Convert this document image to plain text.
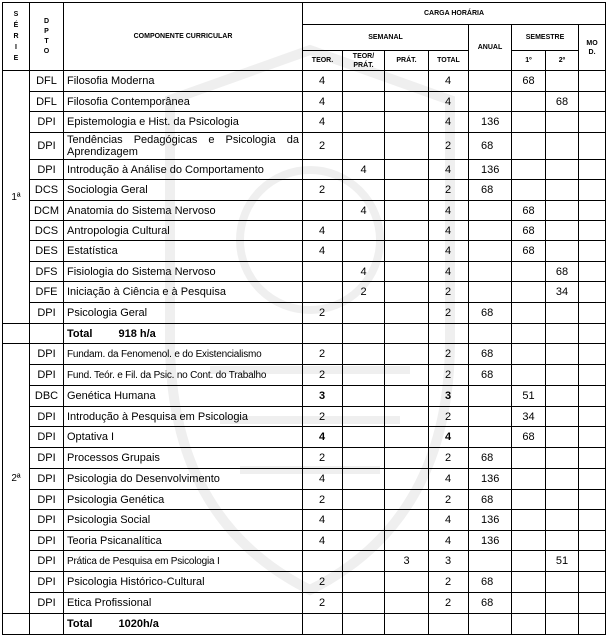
S É R I E	D P T O	COMPONENTE CURRICULAR	CARGA HORÁRIA							
			SEMANAL				ANUAL	SEMESTRE		MO D.

			TEOR.	TEOR/ PRÁT.	PRÁT.	TOTAL		1º	2º	
1ª	DFL	Filosofia Moderna	4			4		68		
	DFL	Filosofia Contemporânea	4			4			68	
	DPI	Epistemologia e Hist. da Psicologia	4			4	136			
	DPI	Tendências Pedagógicas e Psicologia da Aprendizagem	2			2	68			
	DPI	Introdução à Análise do Comportamento		4		4	136			
	DCS	Sociologia Geral	2			2	68			
	DCM	Anatomia do Sistema Nervoso		4		4		68		
	DCS	Antropologia Cultural	4			4		68		
	DES	Estatística	4			4		68		
	DFS	Fisiologia do Sistema Nervoso		4		4			68	
	DFE	Iniciação à Ciência e à Pesquisa		2		2			34	
	DPI	Psicologia Geral	2			2	68			
		Total 918 h/a								
2ª	DPI	Fundam. da Fenomenol. e do Existencialismo	2			2	68			
	DPI	Fund. Teór. e Fil. da Psic. no Cont. do Trabalho	2			2	68			
	DBC	Genética Humana	3			3		51		
	DPI	Introdução à Pesquisa em Psicologia	2			2		34		
	DPI	Optativa I	4			4		68		
	DPI	Processos Grupais	2			2	68			
	DPI	Psicologia do Desenvolvimento	4			4	136			
	DPI	Psicologia Genética	2			2	68			
	DPI	Psicologia Social	4			4	136			
	DPI	Teoria Psicanalítica	4			4	136			
	DPI	Prática de Pesquisa em Psicologia I			3	3			51	
	DPI	Psicologia Histórico-Cultural	2			2	68			
	DPI	Etica Profissional	2			2	68			
		Total 1020h/a								
